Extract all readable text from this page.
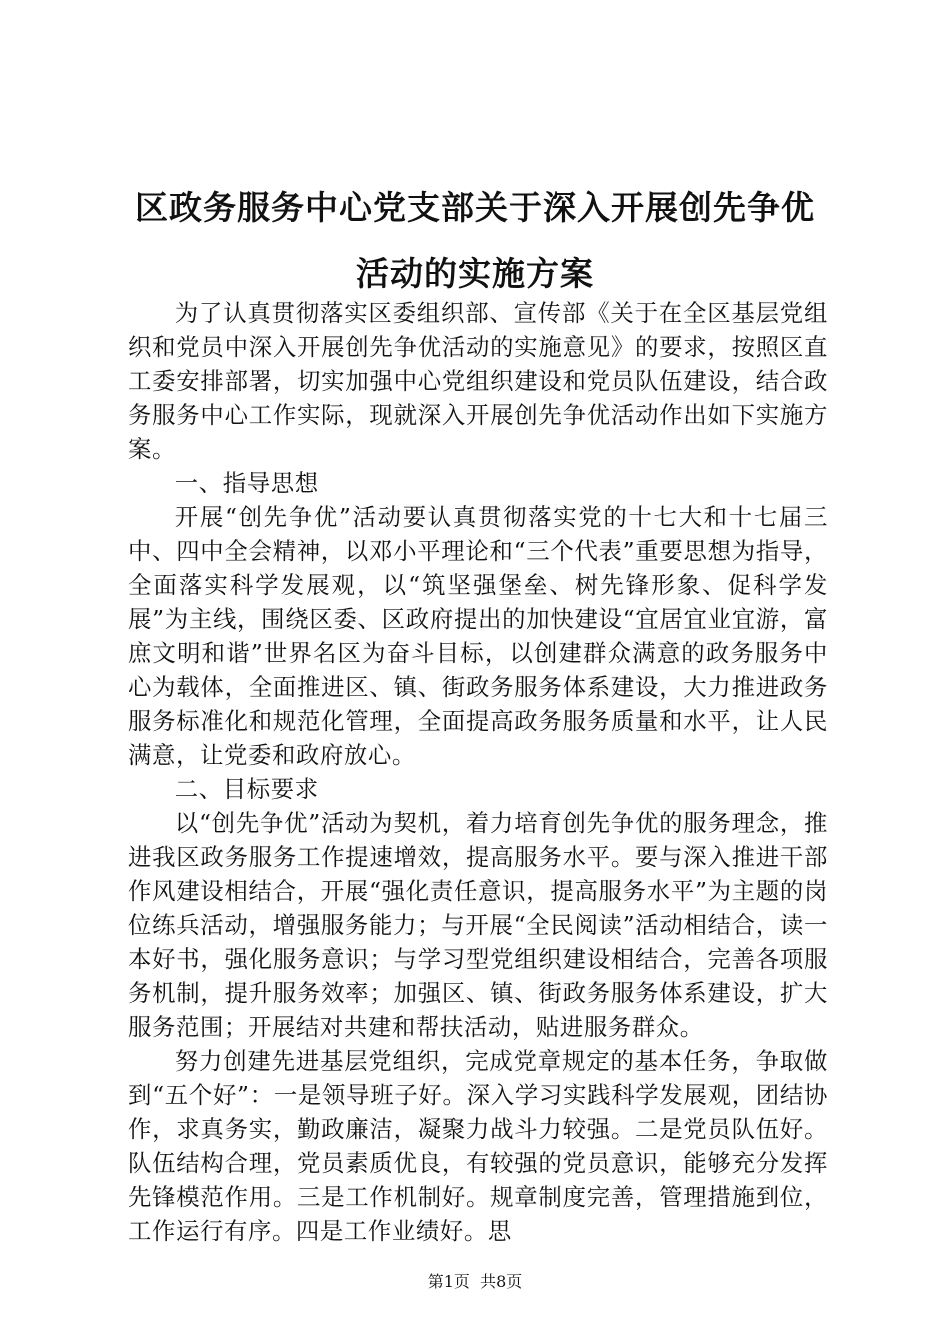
区政务服务中心党支部关于深入开展创先争优
活动的实施方案

为了认真贯彻落实区委组织部、宣传部《关于在全区基层党组织和党员中深入开展创先争优活动的实施意见》的要求，按照区直工委安排部署，切实加强中心党组织建设和党员队伍建设，结合政务服务中心工作实际，现就深入开展创先争优活动作出如下实施方案。

一、指导思想

开展“创先争优”活动要认真贯彻落实党的十七大和十七届三中、四中全会精神，以邓小平理论和“三个代表”重要思想为指导，全面落实科学发展观，以“筑坚强堡垒、树先锋形象、促科学发展”为主线，围绕区委、区政府提出的加快建设“宜居宜业宜游，富庶文明和谐”世界名区为奋斗目标，以创建群众满意的政务服务中心为载体，全面推进区、镇、街政务服务体系建设，大力推进政务服务标准化和规范化管理，全面提高政务服务质量和水平，让人民满意，让党委和政府放心。

二、目标要求

以“创先争优”活动为契机，着力培育创先争优的服务理念，推进我区政务服务工作提速增效，提高服务水平。要与深入推进干部作风建设相结合，开展“强化责任意识，提高服务水平”为主题的岗位练兵活动，增强服务能力；与开展“全民阅读”活动相结合，读一本好书，强化服务意识；与学习型党组织建设相结合，完善各项服务机制，提升服务效率；加强区、镇、街政务服务体系建设，扩大服务范围；开展结对共建和帮扶活动，贴进服务群众。

努力创建先进基层党组织，完成党章规定的基本任务，争取做到“五个好”：一是领导班子好。深入学习实践科学发展观，团结协作，求真务实，勤政廉洁，凝聚力战斗力较强。二是党员队伍好。队伍结构合理，党员素质优良，有较强的党员意识，能够充分发挥先锋模范作用。三是工作机制好。规章制度完善，管理措施到位，工作运行有序。四是工作业绩好。思

第1页  共8页
